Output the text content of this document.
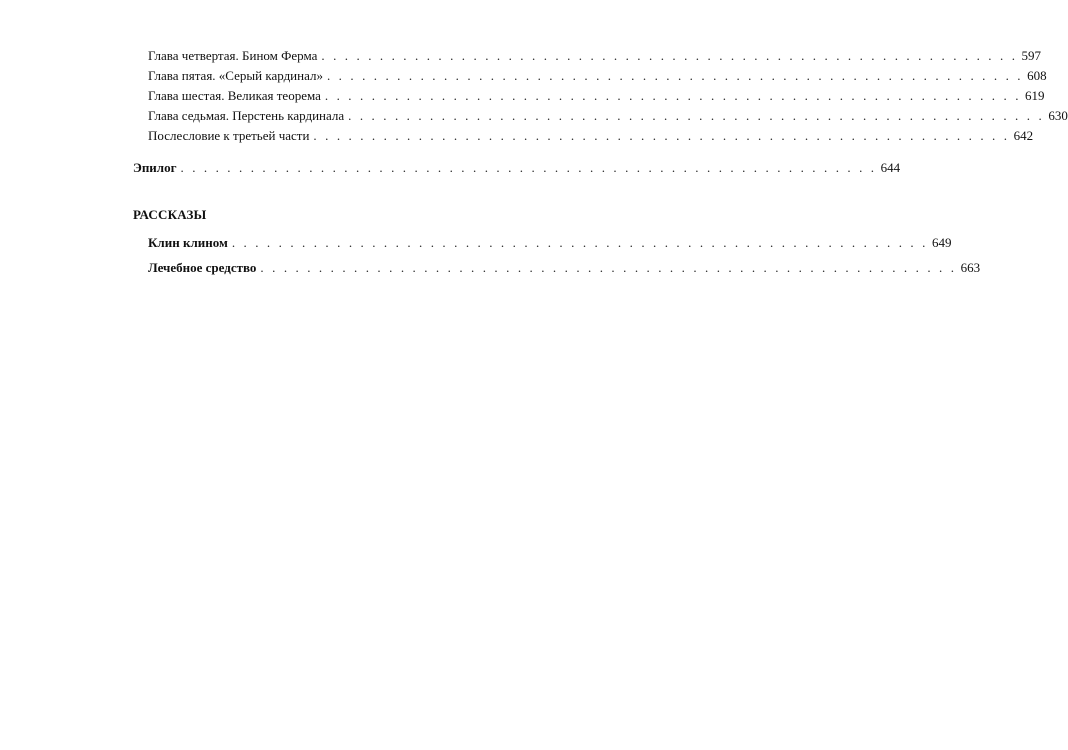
Глава четвертая. Бином Ферма . . . . . . . . . . . . . . . . . . . . . . . . . . . . . . . . . . . . . . . . . . . . . . . . . . . . . . . . . . . . 597
Глава пятая. «Серый кардинал» . . . . . . . . . . . . . . . . . . . . . . . . . . . . . . . . . . . . . . . . . . . . . . . . . . . . . . . . . . . . 608
Глава шестая. Великая теорема . . . . . . . . . . . . . . . . . . . . . . . . . . . . . . . . . . . . . . . . . . . . . . . . . . . . . . . . . . . . 619
Глава седьмая. Перстень кардинала . . . . . . . . . . . . . . . . . . . . . . . . . . . . . . . . . . . . . . . . . . . . . . . . . . . . . . . . . . . . 630
Послесловие к третьей части . . . . . . . . . . . . . . . . . . . . . . . . . . . . . . . . . . . . . . . . . . . . . . . . . . . . . . . . . . . . 642
Эпилог . . . . . . . . . . . . . . . . . . . . . . . . . . . . . . . . . . . . . . . . . . . . . . . . . . . . . . . . . . . . 644
РАССКАЗЫ
Клин клином . . . . . . . . . . . . . . . . . . . . . . . . . . . . . . . . . . . . . . . . . . . . . . . . . . . . . . . . . . . . 649
Лечебное средство . . . . . . . . . . . . . . . . . . . . . . . . . . . . . . . . . . . . . . . . . . . . . . . . . . . . . . . . . . . . 663
